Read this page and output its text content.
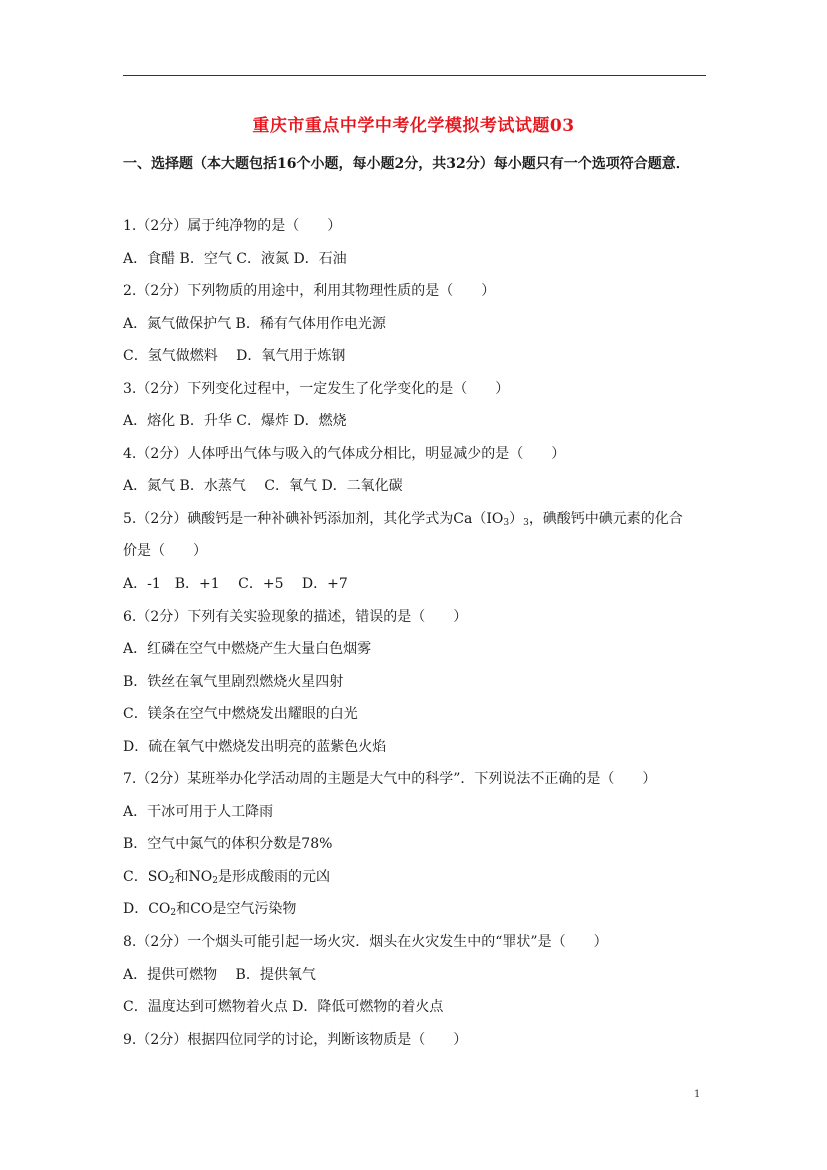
重庆市重点中学中考化学模拟考试试题03
一、选择题（本大题包括16个小题，每小题2分，共32分）每小题只有一个选项符合题意．
1.（2分）属于纯净物的是（　　）
A．食醋 B．空气 C．液氮 D．石油
2.（2分）下列物质的用途中，利用其物理性质的是（　　）
A．氮气做保护气 B．稀有气体用作电光源
C．氢气做燃料　 D．氧气用于炼钢
3.（2分）下列变化过程中，一定发生了化学变化的是（　　）
A．熔化 B．升华 C．爆炸 D．燃烧
4.（2分）人体呼出气体与吸入的气体成分相比，明显减少的是（　　）
A．氮气 B．水蒸气　 C．氧气 D．二氧化碳
5.（2分）碘酸钙是一种补碘补钙添加剂，其化学式为$Ca(IO_3)_3$，碘酸钙中碘元素的化合
价是（　　）
A．-1　B．+1　 C．+5　 D．+7
6.（2分）下列有关实验现象的描述，错误的是（　　）
A．红磷在空气中燃烧产生大量白色烟雾
B．铁丝在氧气里剧烈燃烧火星四射
C．镁条在空气中燃烧发出耀眼的白光
D．硫在氧气中燃烧发出明亮的蓝紫色火焰
7.（2分）某班举办化学活动周的主题是大气中的科学”．下列说法不正确的是（　　）
A．干冰可用于人工降雨
B．空气中氮气的体积分数是78%
C．$SO_2$和$NO_2$是形成酸雨的元凶
D．$CO_2$和CO是空气污染物
8.（2分）一个烟头可能引起一场火灾．烟头在火灾发生中的“罪状”是（　　）
A．提供可燃物　 B．提供氧气
C．温度达到可燃物着火点 D．降低可燃物的着火点
9.（2分）根据四位同学的讨论，判断该物质是（　　）
1
